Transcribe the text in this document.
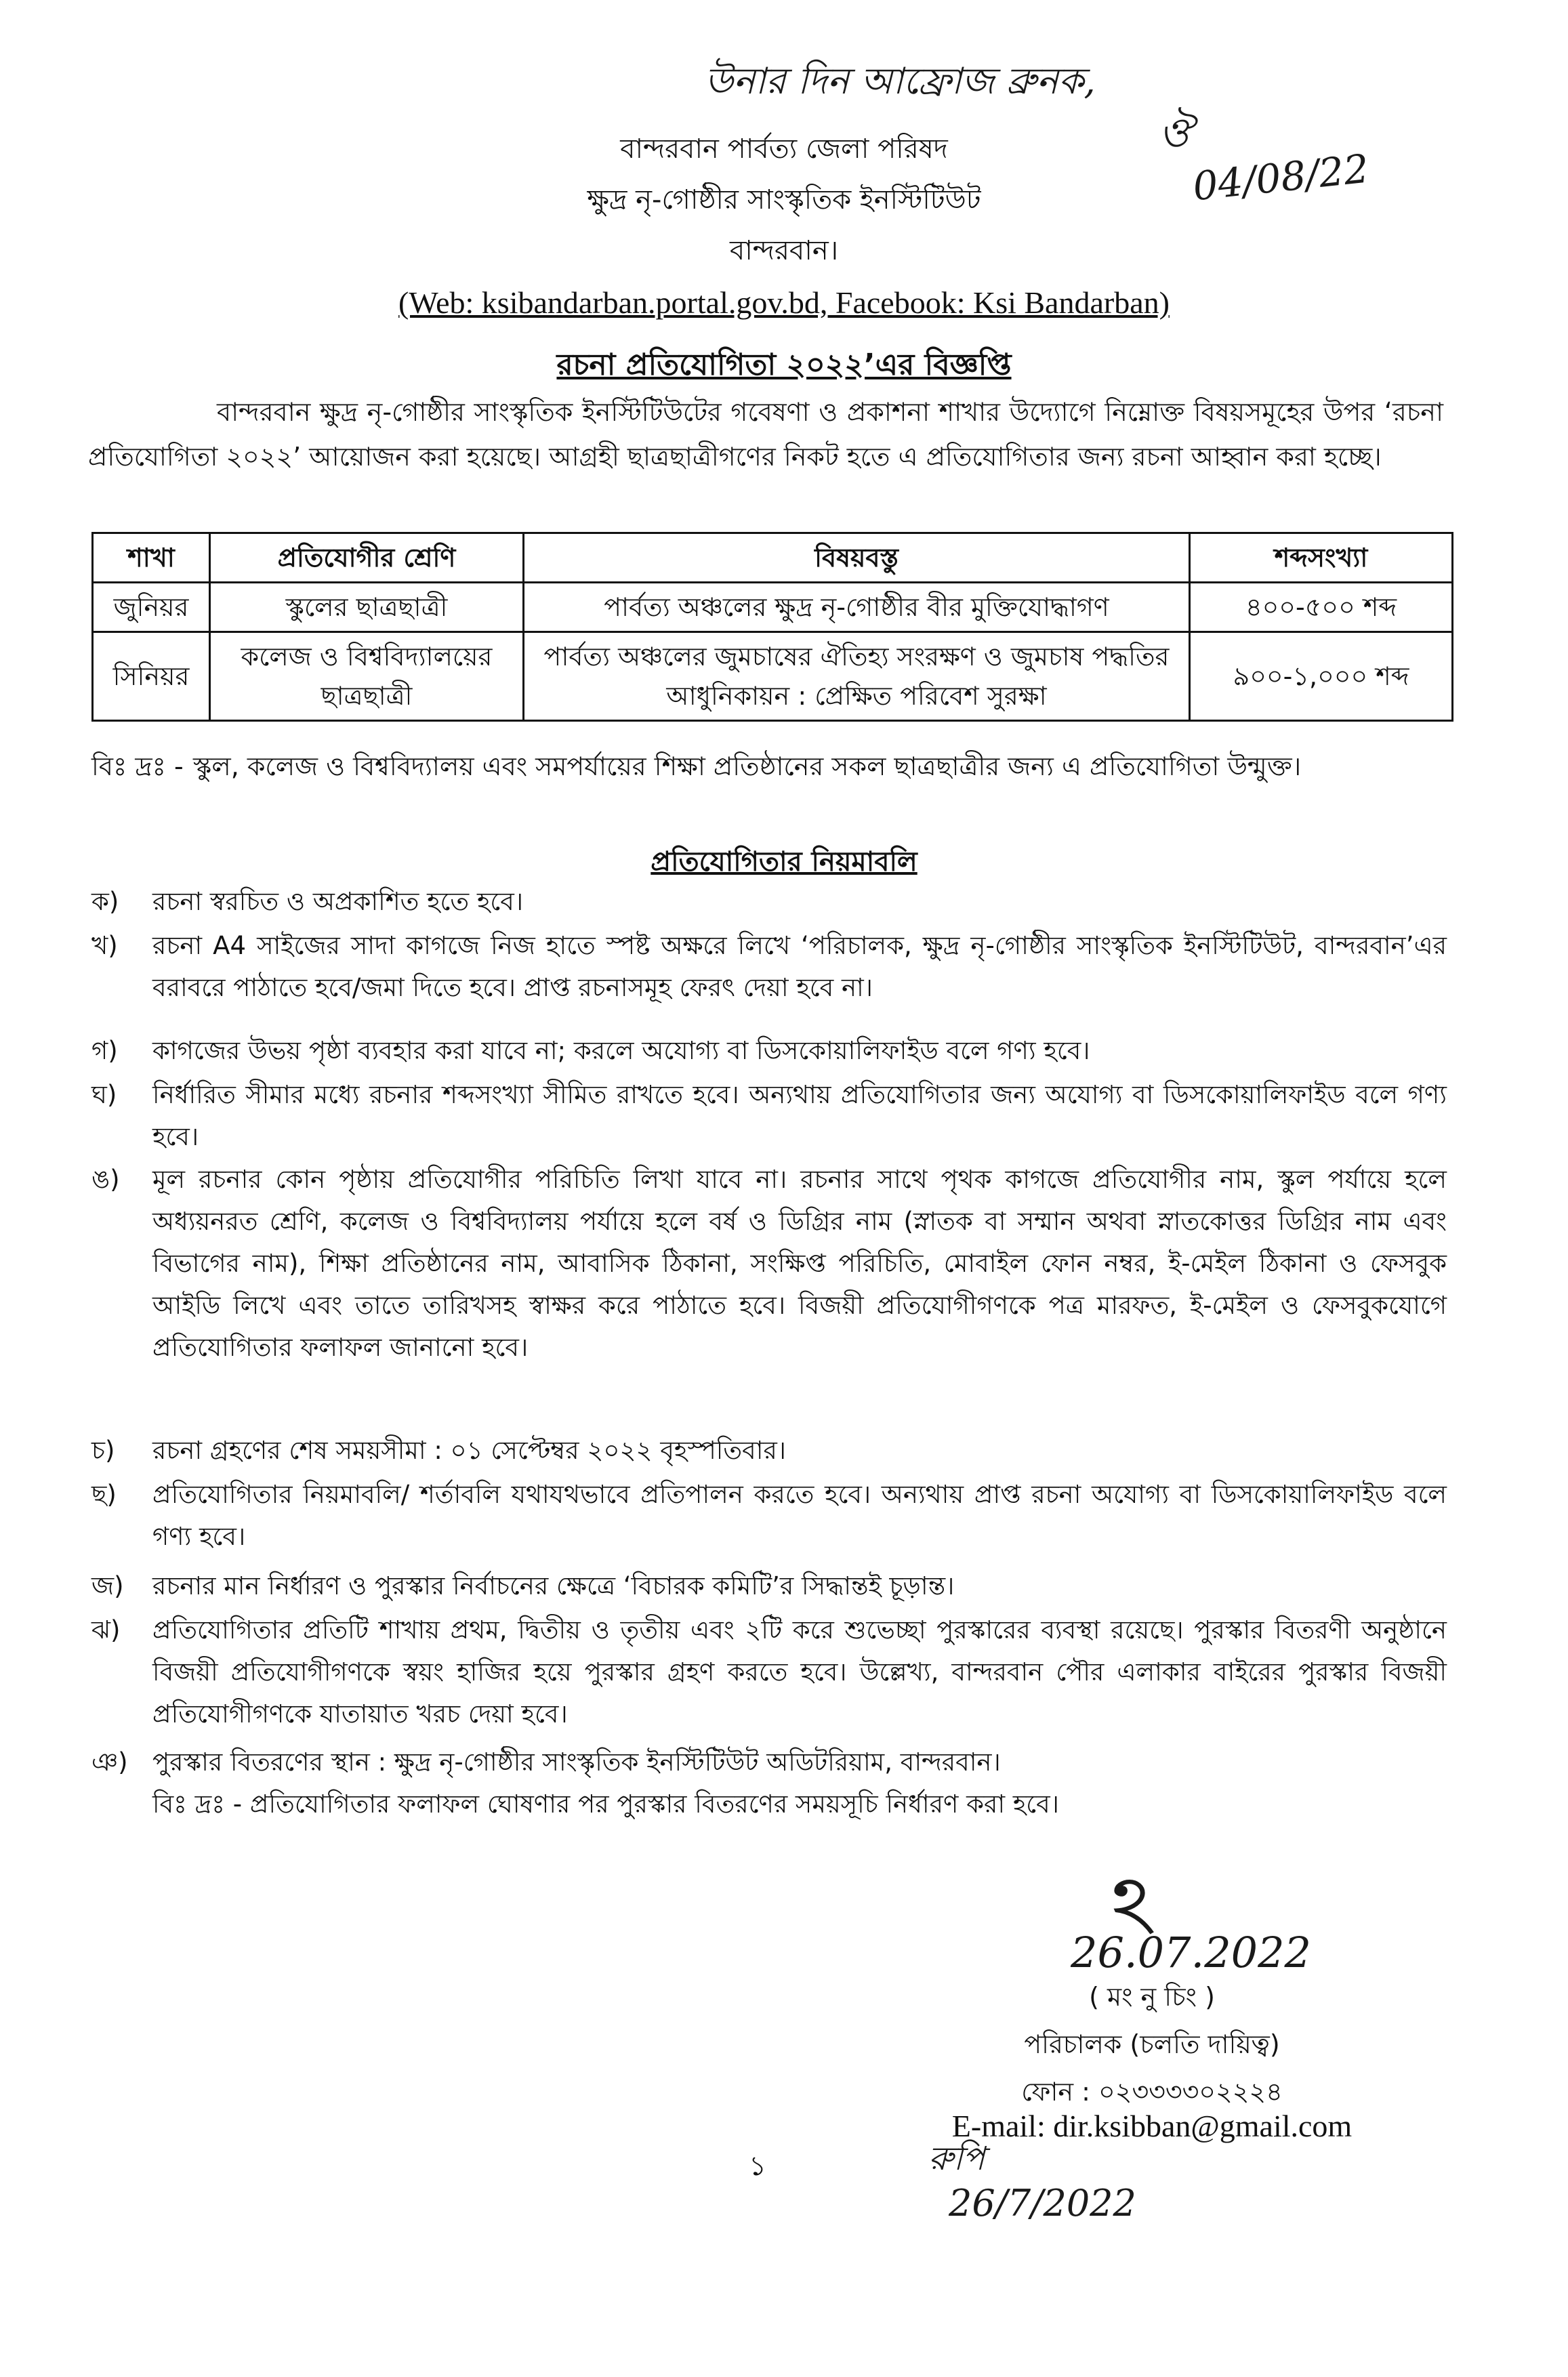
উনার দিন আফ্রোজ ব্রুনক,
ঔ
04/08/22
বান্দরবান পার্বত্য জেলা পরিষদ
ক্ষুদ্র নৃ-গোষ্ঠীর সাংস্কৃতিক ইনস্টিটিউট
বান্দরবান।
(Web: ksibandarban.portal.gov.bd, Facebook: Ksi Bandarban)
রচনা প্রতিযোগিতা ২০২২’এর বিজ্ঞপ্তি
বান্দরবান ক্ষুদ্র নৃ-গোষ্ঠীর সাংস্কৃতিক ইনস্টিটিউটের গবেষণা ও প্রকাশনা শাখার উদ্যোগে নিম্নোক্ত বিষয়সমূহের উপর ‘রচনা প্রতিযোগিতা ২০২২’ আয়োজন করা হয়েছে। আগ্রহী ছাত্রছাত্রীগণের নিকট হতে এ প্রতিযোগিতার জন্য রচনা আহ্বান করা হচ্ছে।
শাখা	প্রতিযোগীর শ্রেণি	বিষয়বস্তু	শব্দসংখ্যা
জুনিয়র	স্কুলের ছাত্রছাত্রী	পার্বত্য অঞ্চলের ক্ষুদ্র নৃ-গোষ্ঠীর বীর মুক্তিযোদ্ধাগণ	৪০০-৫০০ শব্দ
সিনিয়র	কলেজ ও বিশ্ববিদ্যালয়ের ছাত্রছাত্রী	পার্বত্য অঞ্চলের জুমচাষের ঐতিহ্য সংরক্ষণ ও জুমচাষ পদ্ধতির আধুনিকায়ন : প্রেক্ষিত পরিবেশ সুরক্ষা	৯০০-১,০০০ শব্দ
বিঃ দ্রঃ - স্কুল, কলেজ ও বিশ্ববিদ্যালয় এবং সমপর্যায়ের শিক্ষা প্রতিষ্ঠানের সকল ছাত্রছাত্রীর জন্য এ প্রতিযোগিতা উন্মুক্ত।
প্রতিযোগিতার নিয়মাবলি
ক)	রচনা স্বরচিত ও অপ্রকাশিত হতে হবে।
খ)	রচনা A4 সাইজের সাদা কাগজে নিজ হাতে স্পষ্ট অক্ষরে লিখে ‘পরিচালক, ক্ষুদ্র নৃ-গোষ্ঠীর সাংস্কৃতিক ইনস্টিটিউট, বান্দরবান’এর বরাবরে পাঠাতে হবে/জমা দিতে হবে। প্রাপ্ত রচনাসমূহ ফেরৎ দেয়া হবে না।
গ)	কাগজের উভয় পৃষ্ঠা ব্যবহার করা যাবে না; করলে অযোগ্য বা ডিসকোয়ালিফাইড বলে গণ্য হবে।
ঘ)	নির্ধারিত সীমার মধ্যে রচনার শব্দসংখ্যা সীমিত রাখতে হবে। অন্যথায় প্রতিযোগিতার জন্য অযোগ্য বা ডিসকোয়ালিফাইড বলে গণ্য হবে।
ঙ)	মূল রচনার কোন পৃষ্ঠায় প্রতিযোগীর পরিচিতি লিখা যাবে না। রচনার সাথে পৃথক কাগজে প্রতিযোগীর নাম, স্কুল পর্যায়ে হলে অধ্যয়নরত শ্রেণি, কলেজ ও বিশ্ববিদ্যালয় পর্যায়ে হলে বর্ষ ও ডিগ্রির নাম (স্নাতক বা সম্মান অথবা স্নাতকোত্তর ডিগ্রির নাম এবং বিভাগের নাম), শিক্ষা প্রতিষ্ঠানের নাম, আবাসিক ঠিকানা, সংক্ষিপ্ত পরিচিতি, মোবাইল ফোন নম্বর, ই-মেইল ঠিকানা ও ফেসবুক আইডি লিখে এবং তাতে তারিখসহ স্বাক্ষর করে পাঠাতে হবে। বিজয়ী প্রতিযোগীগণকে পত্র মারফত, ই-মেইল ও ফেসবুকযোগে প্রতিযোগিতার ফলাফল জানানো হবে।
চ)	রচনা গ্রহণের শেষ সময়সীমা : ০১ সেপ্টেম্বর ২০২২ বৃহস্পতিবার।
ছ)	প্রতিযোগিতার নিয়মাবলি/ শর্তাবলি যথাযথভাবে প্রতিপালন করতে হবে। অন্যথায় প্রাপ্ত রচনা অযোগ্য বা ডিসকোয়ালিফাইড বলে গণ্য হবে।
জ)	রচনার মান নির্ধারণ ও পুরস্কার নির্বাচনের ক্ষেত্রে ‘বিচারক কমিটি’র সিদ্ধান্তই চূড়ান্ত।
ঝ)	প্রতিযোগিতার প্রতিটি শাখায় প্রথম, দ্বিতীয় ও তৃতীয় এবং ২টি করে শুভেচ্ছা পুরস্কারের ব্যবস্থা রয়েছে। পুরস্কার বিতরণী অনুষ্ঠানে বিজয়ী প্রতিযোগীগণকে স্বয়ং হাজির হয়ে পুরস্কার গ্রহণ করতে হবে। উল্লেখ্য, বান্দরবান পৌর এলাকার বাইরের পুরস্কার বিজয়ী প্রতিযোগীগণকে যাতায়াত খরচ দেয়া হবে।
ঞ) পুরস্কার বিতরণের স্থান : ক্ষুদ্র নৃ-গোষ্ঠীর সাংস্কৃতিক ইনস্টিটিউট অডিটরিয়াম, বান্দরবান।
বিঃ দ্রঃ - প্রতিযোগিতার ফলাফল ঘোষণার পর পুরস্কার বিতরণের সময়সূচি নির্ধারণ করা হবে।
ঽ
26.07.2022
( মং নু চিং )
পরিচালক (চলতি দায়িত্ব)
ফোন : ০২৩৩৩৩০২২২৪
E-mail: dir.ksibban@gmail.com
১	রুপি
26/7/2022
